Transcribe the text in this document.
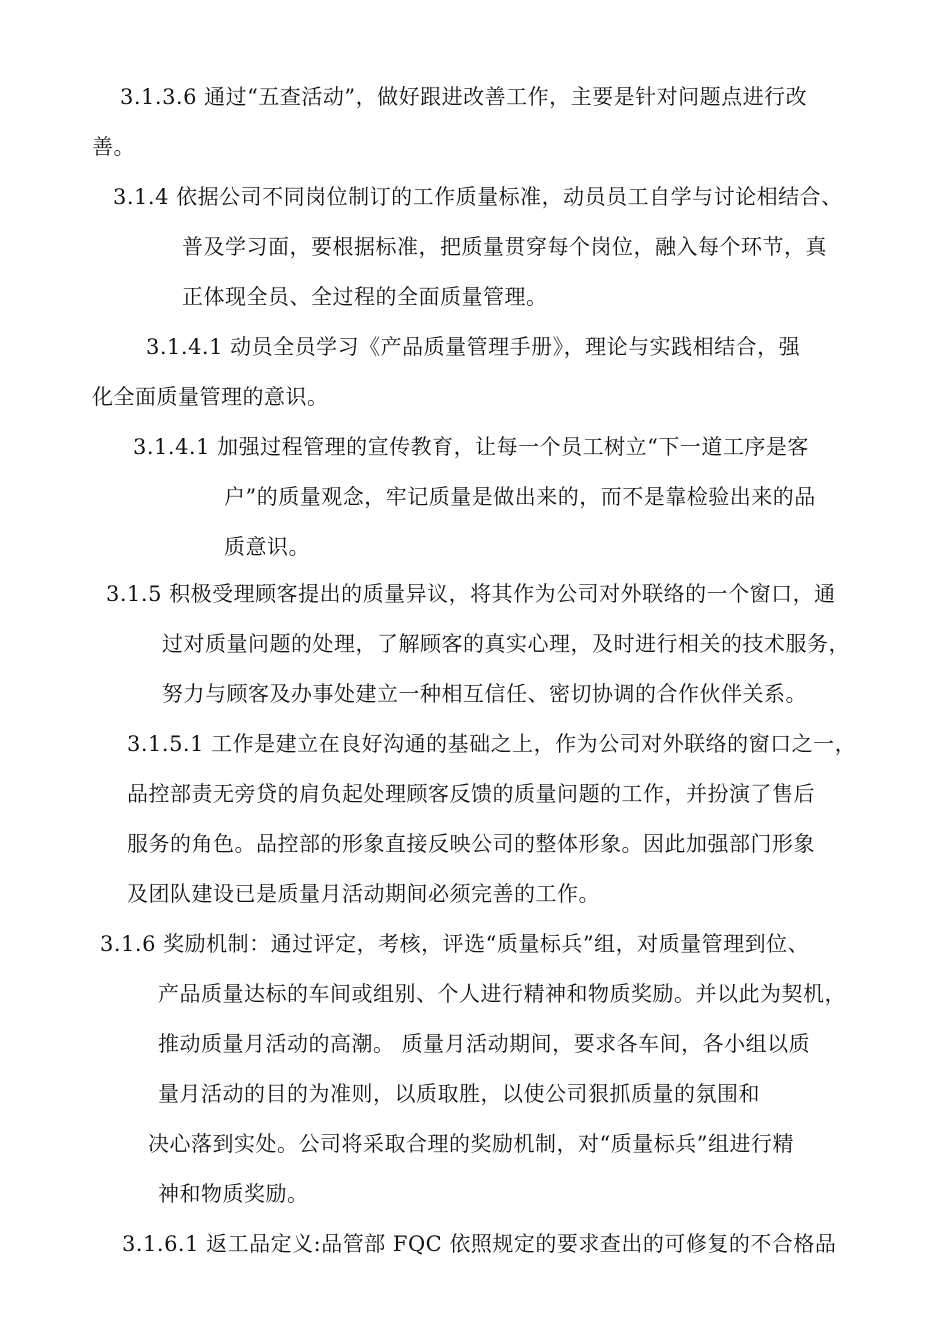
3.1.3.6 通过“五查活动”，做好跟进改善工作，主要是针对问题点进行改
善。
3.1.4 依据公司不同岗位制订的工作质量标准，动员员工自学与讨论相结合、
普及学习面，要根据标准，把质量贯穿每个岗位，融入每个环节，真
正体现全员、全过程的全面质量管理。
3.1.4.1 动员全员学习《产品质量管理手册》，理论与实践相结合，强
化全面质量管理的意识。
3.1.4.1 加强过程管理的宣传教育，让每一个员工树立“下一道工序是客
户”的质量观念，牢记质量是做出来的，而不是靠检验出来的品
质意识。
3.1.5 积极受理顾客提出的质量异议，将其作为公司对外联络的一个窗口，通
过对质量问题的处理，了解顾客的真实心理，及时进行相关的技术服务，
努力与顾客及办事处建立一种相互信任、密切协调的合作伙伴关系。
3.1.5.1 工作是建立在良好沟通的基础之上，作为公司对外联络的窗口之一，
品控部责无旁贷的肩负起处理顾客反馈的质量问题的工作，并扮演了售后
服务的角色。品控部的形象直接反映公司的整体形象。因此加强部门形象
及团队建设已是质量月活动期间必须完善的工作。
3.1.6 奖励机制：通过评定，考核，评选“质量标兵”组，对质量管理到位、
产品质量达标的车间或组别、个人进行精神和物质奖励。并以此为契机，
推动质量月活动的高潮。 质量月活动期间，要求各车间，各小组以质
量月活动的目的为准则，以质取胜，以使公司狠抓质量的氛围和
决心落到实处。公司将采取合理的奖励机制，对“质量标兵”组进行精
神和物质奖励。
3.1.6.1 返工品定义:品管部 FQC 依照规定的要求查出的可修复的不合格品
